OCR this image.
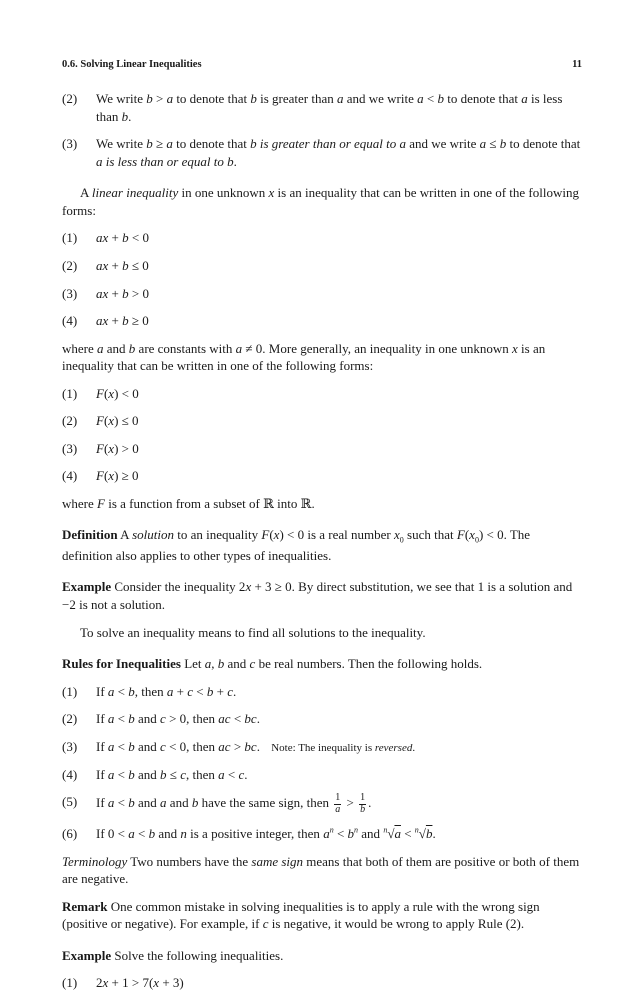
0.6. Solving Linear Inequalities	11
(2)	We write b > a to denote that b is greater than a and we write a < b to denote that a is less than b.
(3)	We write b ≥ a to denote that b is greater than or equal to a and we write a ≤ b to denote that a is less than or equal to b.
A linear inequality in one unknown x is an inequality that can be written in one of the following forms:
(1)	ax + b < 0
(2)	ax + b ≤ 0
(3)	ax + b > 0
(4)	ax + b ≥ 0
where a and b are constants with a ≠ 0. More generally, an inequality in one unknown x is an inequality that can be written in one of the following forms:
(1)	F(x) < 0
(2)	F(x) ≤ 0
(3)	F(x) > 0
(4)	F(x) ≥ 0
where F is a function from a subset of ℝ into ℝ.
Definition A solution to an inequality F(x) < 0 is a real number $x_0$ such that $F(x_0) < 0$. The definition also applies to other types of inequalities.
Example Consider the inequality 2x + 3 ≥ 0. By direct substitution, we see that 1 is a solution and −2 is not a solution.
To solve an inequality means to find all solutions to the inequality.
Rules for Inequalities Let a, b and c be real numbers. Then the following holds.
(1)	If a < b, then a + c < b + c.
(2)	If a < b and c > 0, then ac < bc.
(3)	If a < b and c < 0, then ac > bc. Note: The inequality is reversed.
(4)	If a < b and b ≤ c, then a < c.
(5)	If a < b and a and b have the same sign, then $\frac{1}{a} > \frac{1}{b}$ .
(6)	If 0 < a < b and n is a positive integer, then $a^n < b^n$ and $^n$√a < $^n$√b.
Terminology Two numbers have the same sign means that both of them are positive or both of them are negative.
Remark One common mistake in solving inequalities is to apply a rule with the wrong sign (positive or negative). For example, if c is negative, it would be wrong to apply Rule (2).
Example Solve the following inequalities.
(1)	2x + 1 > 7(x + 3)
